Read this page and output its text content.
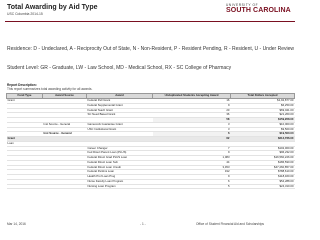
Total Awarding by Aid Type
USC Columbia 2014-15
UNIVERSITY OF
SOUTH CAROLINA
Residence: D - Undeclared, A - Reciprocity Out of State, N - Non-Resident, P - Resident Pending, R - Resident, U - Under Review
Student Level: GR - Graduate, LW - Law School, MD - Medical School, RX - SC College of Pharmacy
Report Description:
This report summarizes total awarding activity for all awards.
Fund Type	Award Source	Award	Unduplicated Students Accepting Award	Total Dollars Accepted
Grant		Federal Pell Grant	16	$1,92,877.00
		Federal Supplemental Grant	9	$6,250.00
		Federal Teach Grant	20	$69,041.00
		SC Need Based Grant	36	$21,260.00
			58	$159,958.00
	Inst Source - General	Gamecock Guarantee Grant	3	$10,000.00
		USC Institutional Grant	3	$9,500.00
	Inst Source - General		6	$19,500.00
Grant			62	$214,766.00
Loan				
		Career Changer	7	$102,000.00
		Fed Direct Parent Loan (PLUS)	9	$96,232.00
		Federal Direct Grad PLUS Loan	1,083	$16,560,226.00
		Federal Direct Loan Sub	44	$186,590.00
		Federal Direct Loan Unsub	3,453	$47,260,857.00
		Federal Perkins Loan	192	$788,610.00
		Health Prof Loan Prog	9	$118,460.00
		Nurse Faculty Loan Program	6	$54,288.00
		Nursing Loan Program	5	$24,310.00
Mar 14, 2016	- 1 -	Office of Student Financial Aid and Scholarships
